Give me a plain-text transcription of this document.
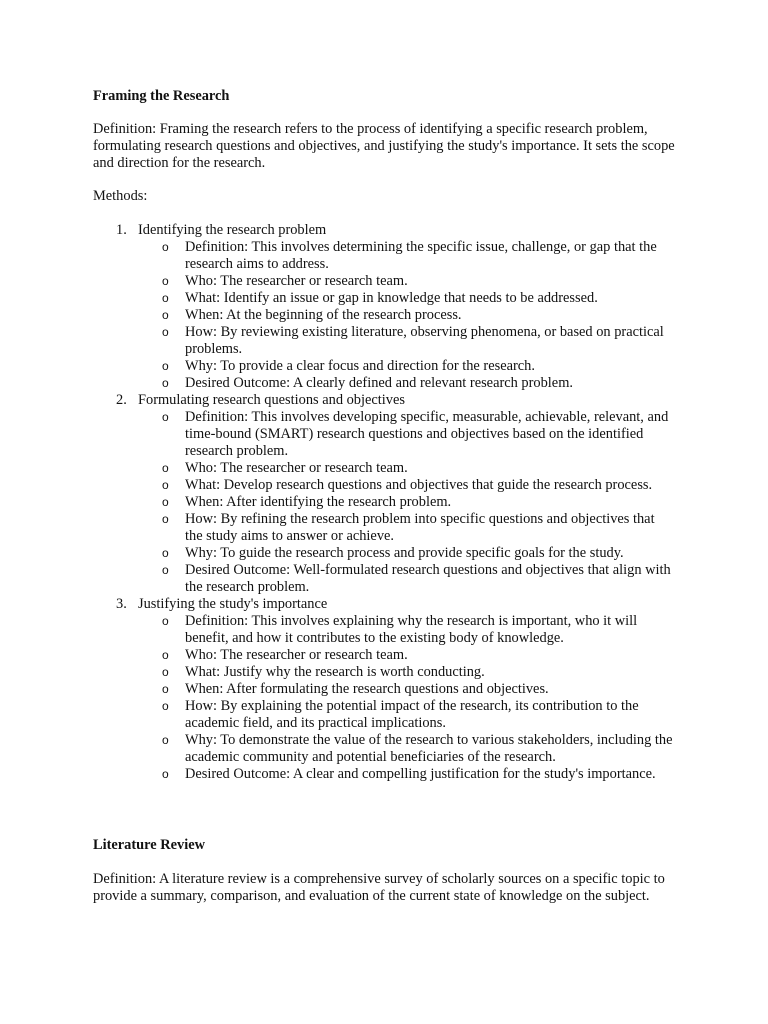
Framing the Research

Definition: Framing the research refers to the process of identifying a specific research problem, formulating research questions and objectives, and justifying the study's importance. It sets the scope and direction for the research.

Methods:

1. Identifying the research problem
o Definition: This involves determining the specific issue, challenge, or gap that the research aims to address.
o Who: The researcher or research team.
o What: Identify an issue or gap in knowledge that needs to be addressed.
o When: At the beginning of the research process.
o How: By reviewing existing literature, observing phenomena, or based on practical problems.
o Why: To provide a clear focus and direction for the research.
o Desired Outcome: A clearly defined and relevant research problem.
2. Formulating research questions and objectives
o Definition: This involves developing specific, measurable, achievable, relevant, and time-bound (SMART) research questions and objectives based on the identified research problem.
o Who: The researcher or research team.
o What: Develop research questions and objectives that guide the research process.
o When: After identifying the research problem.
o How: By refining the research problem into specific questions and objectives that the study aims to answer or achieve.
o Why: To guide the research process and provide specific goals for the study.
o Desired Outcome: Well-formulated research questions and objectives that align with the research problem.
3. Justifying the study's importance
o Definition: This involves explaining why the research is important, who it will benefit, and how it contributes to the existing body of knowledge.
o Who: The researcher or research team.
o What: Justify why the research is worth conducting.
o When: After formulating the research questions and objectives.
o How: By explaining the potential impact of the research, its contribution to the academic field, and its practical implications.
o Why: To demonstrate the value of the research to various stakeholders, including the academic community and potential beneficiaries of the research.
o Desired Outcome: A clear and compelling justification for the study's importance.
Literature Review

Definition: A literature review is a comprehensive survey of scholarly sources on a specific topic to provide a summary, comparison, and evaluation of the current state of knowledge on the subject.
